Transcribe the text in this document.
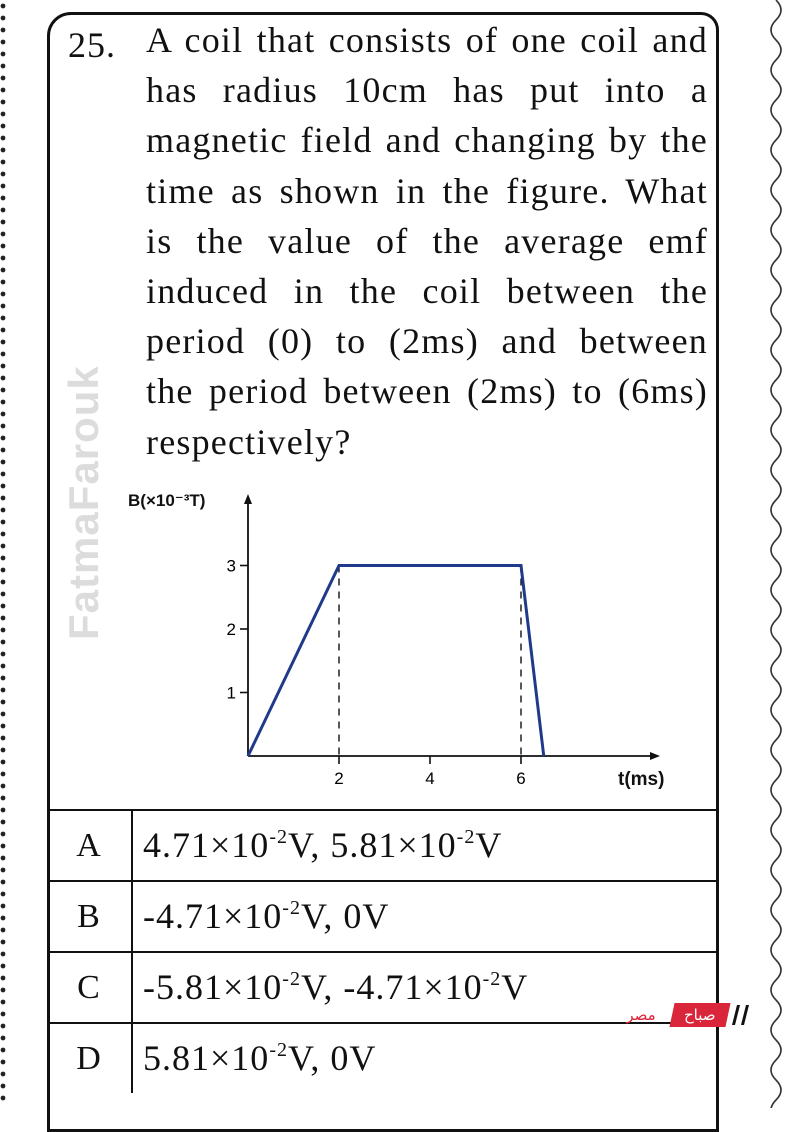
FatmaFarouk
25. A coil that consists of one coil and has radius 10cm has put into a magnetic field and changing by the time as shown in the figure. What is the value of the average emf induced in the coil between the period (0) to (2ms) and between the period between (2ms) to (6ms) respectively?
1
2
3
2	4	6
B(×10⁻³T)
t(ms)
A	$4.71\times 10^{-2}V$, $5.81\times 10^{-2}V$
B	$-4.71\times 10^{-2}V$, 0V
C	$-5.81\times 10^{-2}V$, $-4.71\times 10^{-2}V$
D	$5.81\times 10^{-2}V$, 0V
مصر	صباح
